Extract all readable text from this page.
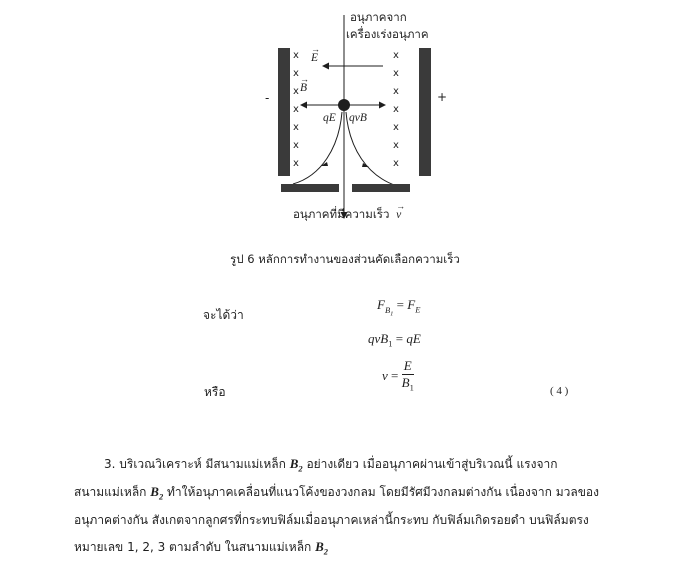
x
x
x
x
x
x
x
x
x
x
x
x
x
x
อนุภาคจาก
เครื่องเร่งอนุภาค
E
→
B
→
qE qvB
-	+
อนุภาคที่มีความเร็ว v
→
รูป 6 หลักการทำงานของส่วนคัดเลือกความเร็ว
จะได้ว่า
$F_{B_1} = F_E$
qvB$_1$ = qE
$v = \frac{E}{B_1}$
หรือ	( 4 )
3. บริเวณวิเคราะห์ มีสนามแม่เหล็ก $B_2$ อย่างเดียว เมื่ออนุภาคผ่านเข้าสู่บริเวณนี้ แรงจาก
สนามแม่เหล็ก $B_2$ ทำให้อนุภาคเคลื่อนที่แนวโค้งของวงกลม โดยมีรัศมีวงกลมต่างกัน เนื่องจาก มวลของ
อนุภาคต่างกัน สังเกตจากลูกศรที่กระทบฟิล์มเมื่ออนุภาคเหล่านี้กระทบ กับฟิล์มเกิดรอยดำ บนฟิล์มตรง
หมายเลข 1, 2, 3 ตามลำดับ ในสนามแม่เหล็ก $B_2$
